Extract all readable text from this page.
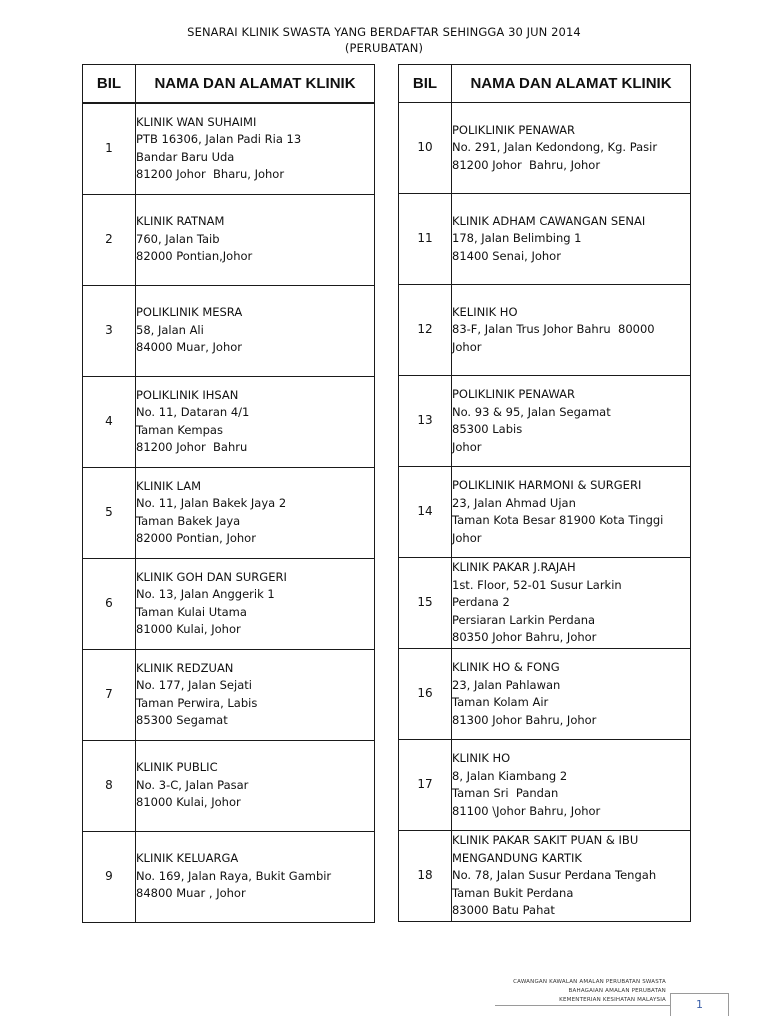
SENARAI KLINIK SWASTA YANG BERDAFTAR SEHINGGA 30 JUN 2014
(PERUBATAN)
BIL	NAMA DAN ALAMAT KLINIK
1	KLINIK WAN SUHAIMI
PTB 16306, Jalan Padi Ria 13
Bandar Baru Uda
81200 Johor  Bharu, Johor

2	KLINIK RATNAM
760, Jalan Taib
82000 Pontian,Johor

3	POLIKLINIK MESRA
58, Jalan Ali
84000 Muar, Johor

4	POLIKLINIK IHSAN
No. 11, Dataran 4/1
Taman Kempas
81200 Johor  Bahru

5	KLINIK LAM
No. 11, Jalan Bakek Jaya 2
Taman Bakek Jaya
82000 Pontian, Johor

6	KLINIK GOH DAN SURGERI
No. 13, Jalan Anggerik 1
Taman Kulai Utama
81000 Kulai, Johor

7	KLINIK REDZUAN
No. 177, Jalan Sejati
Taman Perwira, Labis
85300 Segamat

8	KLINIK PUBLIC
No. 3-C, Jalan Pasar
81000 Kulai, Johor

9	KLINIK KELUARGA
No. 169, Jalan Raya, Bukit Gambir
84800 Muar , Johor
BIL	NAMA DAN ALAMAT KLINIK
10	POLIKLINIK PENAWAR
No. 291, Jalan Kedondong, Kg. Pasir
81200 Johor  Bahru, Johor

11	KLINIK ADHAM CAWANGAN SENAI
178, Jalan Belimbing 1
81400 Senai, Johor

12	KELINIK HO
83-F, Jalan Trus Johor Bahru  80000
Johor

13	POLIKLINIK PENAWAR
No. 93 & 95, Jalan Segamat
85300 Labis
Johor

14	POLIKLINIK HARMONI & SURGERI
23, Jalan Ahmad Ujan
Taman Kota Besar 81900 Kota Tinggi
Johor

15	KLINIK PAKAR J.RAJAH
1st. Floor, 52-01 Susur Larkin
Perdana 2
Persiaran Larkin Perdana
80350 Johor Bahru, Johor

16	KLINIK HO & FONG
23, Jalan Pahlawan
Taman Kolam Air
81300 Johor Bahru, Johor

17	KLINIK HO
8, Jalan Kiambang 2
Taman Sri  Pandan
81100 \Johor Bahru, Johor

18	KLINIK PAKAR SAKIT PUAN & IBU
MENGANDUNG KARTIK
No. 78, Jalan Susur Perdana Tengah
Taman Bukit Perdana
83000 Batu Pahat
CAWANGAN KAWALAN AMALAN PERUBATAN SWASTA
BAHAGAIAN AMALAN PERUBATAN
KEMENTERIAN KESIHATAN MALAYSIA	1
